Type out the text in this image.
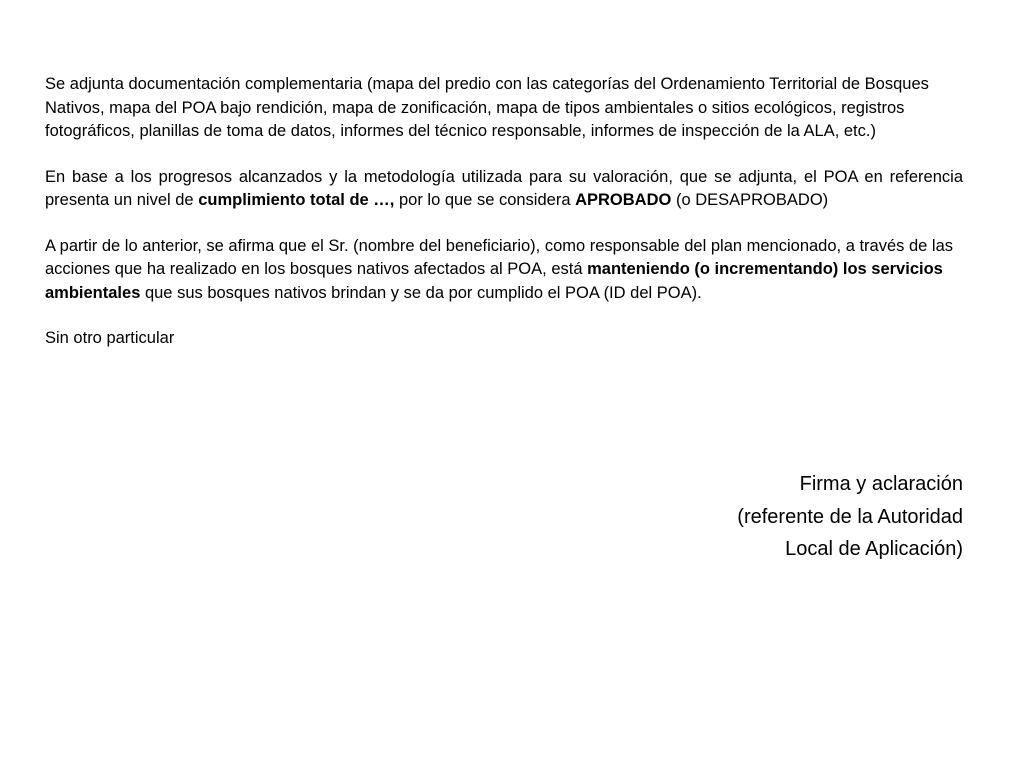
Se adjunta documentación complementaria (mapa del predio con las categorías del Ordenamiento Territorial de Bosques Nativos, mapa del POA bajo rendición, mapa de zonificación, mapa de tipos ambientales o sitios ecológicos, registros fotográficos, planillas de toma de datos, informes del técnico responsable, informes de inspección de la ALA, etc.)

En base a los progresos alcanzados y la metodología utilizada para su valoración, que se adjunta, el POA en referencia presenta un nivel de cumplimiento total de …, por lo que se considera APROBADO (o DESAPROBADO)

A partir de lo anterior, se afirma que el Sr. (nombre del beneficiario), como responsable del plan mencionado, a través de las acciones que ha realizado en los bosques nativos afectados al POA, está manteniendo (o incrementando) los servicios ambientales que sus bosques nativos brindan y se da por cumplido el POA (ID del POA).

Sin otro particular

Firma y aclaración
(referente de la Autoridad
Local de Aplicación)
